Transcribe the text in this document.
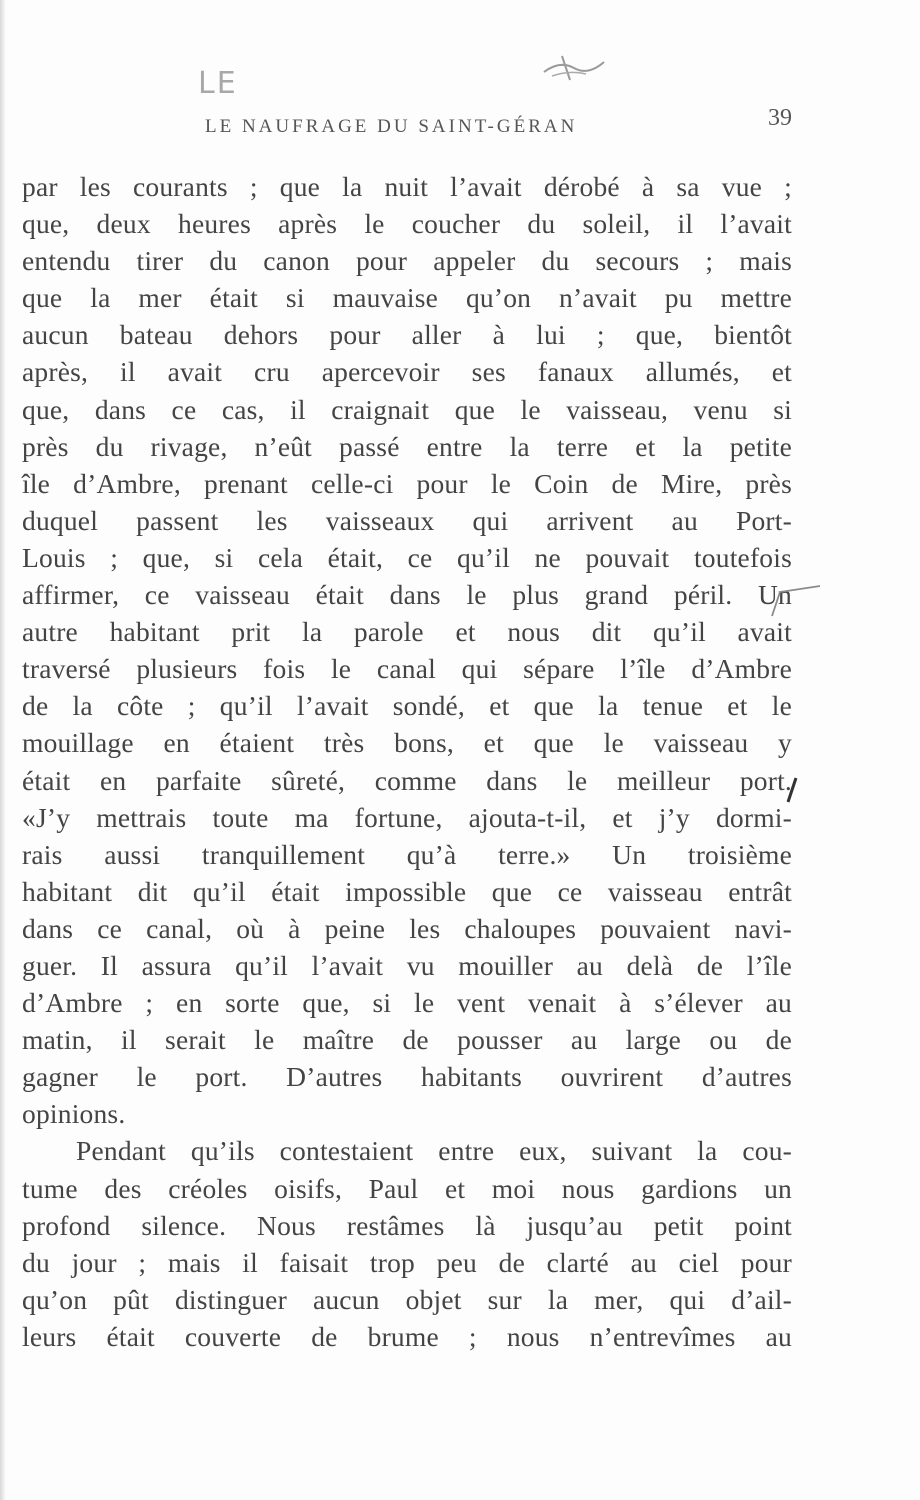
LE
LE NAUFRAGE DU SAINT-GÉRAN	39
par les courants ; que la nuit l’avait dérobé à sa vue ;
que, deux heures après le coucher du soleil, il l’avait
entendu tirer du canon pour appeler du secours ; mais
que la mer était si mauvaise qu’on n’avait pu mettre
aucun bateau dehors pour aller à lui ; que, bientôt
après, il avait cru apercevoir ses fanaux allumés, et
que, dans ce cas, il craignait que le vaisseau, venu si
près du rivage, n’eût passé entre la terre et la petite
île d’Ambre, prenant celle-ci pour le Coin de Mire, près
duquel passent les vaisseaux qui arrivent au Port-
Louis ; que, si cela était, ce qu’il ne pouvait toutefois
affirmer, ce vaisseau était dans le plus grand péril. Un
autre habitant prit la parole et nous dit qu’il avait
traversé plusieurs fois le canal qui sépare l’île d’Ambre
de la côte ; qu’il l’avait sondé, et que la tenue et le
mouillage en étaient très bons, et que le vaisseau y
était en parfaite sûreté, comme dans le meilleur port.
«J’y mettrais toute ma fortune, ajouta-t-il, et j’y dormi-
rais aussi tranquillement qu’à terre.» Un troisième
habitant dit qu’il était impossible que ce vaisseau entrât
dans ce canal, où à peine les chaloupes pouvaient navi-
guer. Il assura qu’il l’avait vu mouiller au delà de l’île
d’Ambre ; en sorte que, si le vent venait à s’élever au
matin, il serait le maître de pousser au large ou de
gagner le port. D’autres habitants ouvrirent d’autres
opinions.
Pendant qu’ils contestaient entre eux, suivant la cou-
tume des créoles oisifs, Paul et moi nous gardions un
profond silence. Nous restâmes là jusqu’au petit point
du jour ; mais il faisait trop peu de clarté au ciel pour
qu’on pût distinguer aucun objet sur la mer, qui d’ail-
leurs était couverte de brume ; nous n’entrevîmes au
